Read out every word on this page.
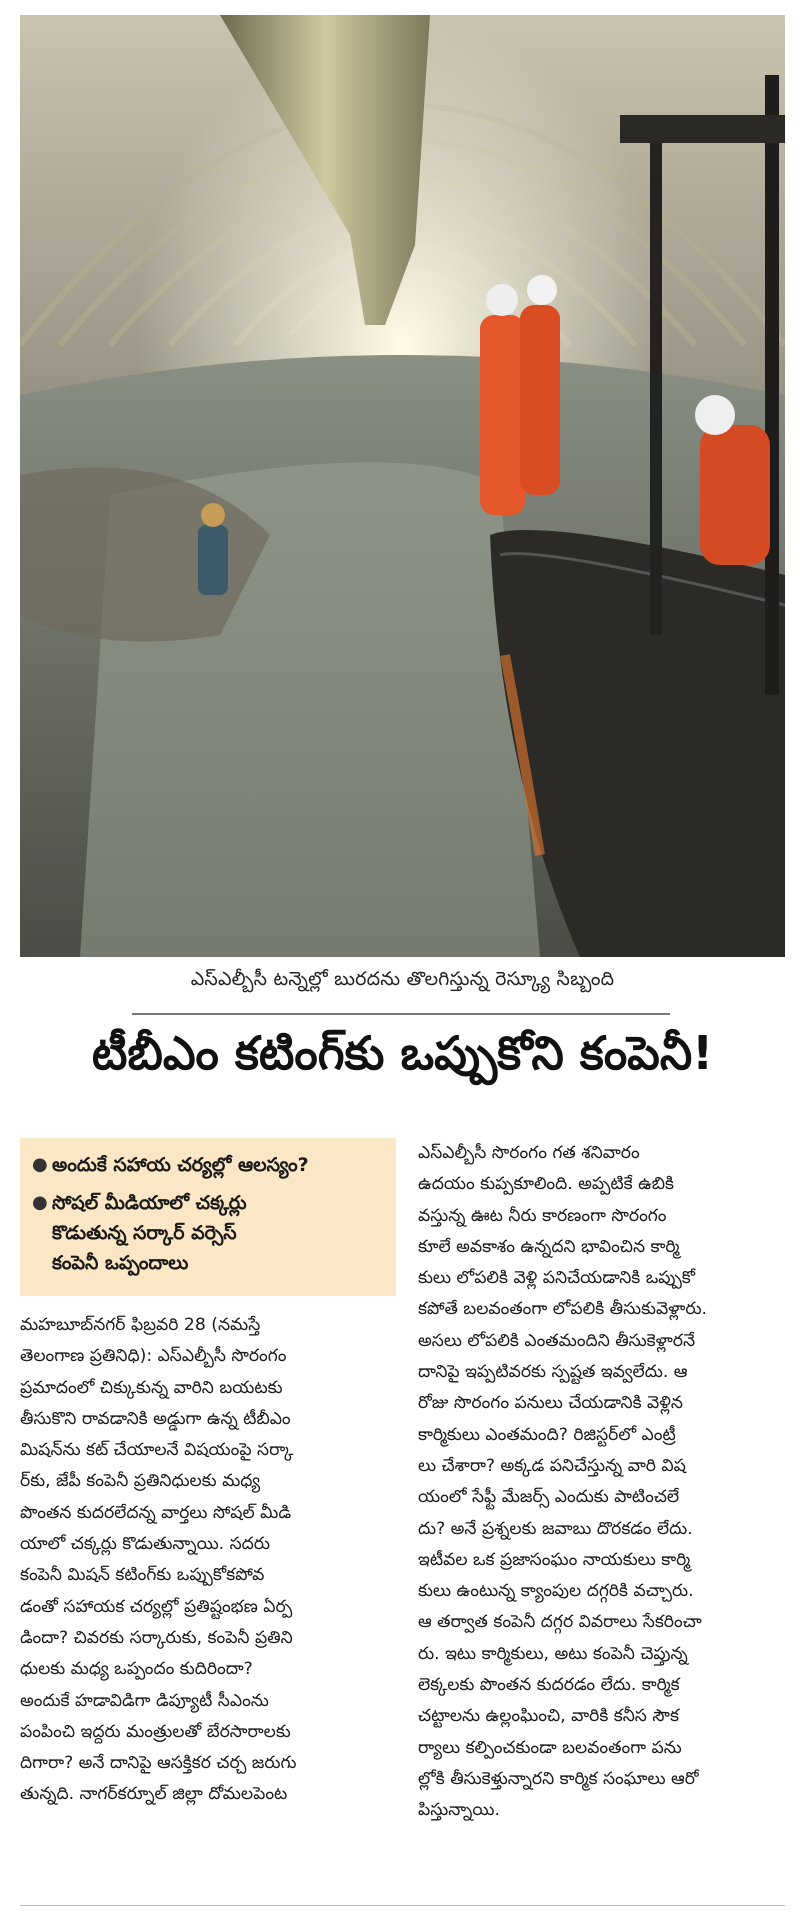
ఎస్ఎల్బీసీ టన్నెల్లో బురదను తొలగిస్తున్న రెస్క్యూ సిబ్బంది
టీబీఎం కటింగ్‌కు ఒప్పుకోని కంపెనీ!
● అందుకే సహాయ చర్యల్లో ఆలస్యం?
● సోషల్ మీడియాలో చక్కర్లు
కొడుతున్న సర్కార్ వర్సెస్
కంపెనీ ఒప్పందాలు
మహబూబ్‌నగర్ ఫిబ్రవరి 28 (నమస్తే
తెలంగాణ ప్రతినిధి): ఎస్ఎల్బీసీ సొరంగం
ప్రమాదంలో చిక్కుకున్న వారిని బయటకు
తీసుకొని రావడానికి అడ్డుగా ఉన్న టీబీఎం
మిషన్‌ను కట్ చేయాలనే విషయంపై సర్కా
ర్‌కు, జేపీ కంపెనీ ప్రతినిధులకు మధ్య
పొంతన కుదరలేదన్న వార్తలు సోషల్ మీడి
యాలో చక్కర్లు కొడుతున్నాయి. సదరు
కంపెనీ మిషన్ కటింగ్‌కు ఒప్పుకోకపోవ
డంతో సహాయక చర్యల్లో ప్రతిష్టంభణ ఏర్ప
డిందా? చివరకు సర్కారుకు, కంపెనీ ప్రతిని
ధులకు మధ్య ఒప్పందం కుదిరిందా?
అందుకే హడావిడిగా డిప్యూటీ సీఎంను
పంపించి ఇద్దరు మంత్రులతో బేరసారాలకు
దిగారా? అనే దానిపై ఆసక్తికర చర్చ జరుగు
తున్నది. నాగర్‌కర్నూల్ జిల్లా దోమలపెంట
ఎస్ఎల్బీసీ సొరంగం గత శనివారం
ఉదయం కుప్పకూలింది. అప్పటికే ఉబికి
వస్తున్న ఊట నీరు కారణంగా సొరంగం
కూలే అవకాశం ఉన్నదని భావించిన కార్మి
కులు లోపలికి వెళ్లి పనిచేయడానికి ఒప్పుకో
కపోతే బలవంతంగా లోపలికి తీసుకువెళ్లారు.
అసలు లోపలికి ఎంతమందిని తీసుకెళ్లారనే
దానిపై ఇప్పటివరకు స్పష్టత ఇవ్వలేదు. ఆ
రోజు సొరంగం పనులు చేయడానికి వెళ్లిన
కార్మికులు ఎంతమంది? రిజిస్టర్‌లో ఎంట్రీ
లు చేశారా? అక్కడ పనిచేస్తున్న వారి విష
యంలో సేఫ్టీ మేజర్స్ ఎందుకు పాటించలే
దు? అనే ప్రశ్నలకు జవాబు దొరకడం లేదు.
ఇటీవల ఒక ప్రజాసంఘం నాయకులు కార్మి
కులు ఉంటున్న క్యాంపుల దగ్గరికి వచ్చారు.
ఆ తర్వాత కంపెనీ దగ్గర వివరాలు సేకరించా
రు. ఇటు కార్మికులు, అటు కంపెనీ చెప్తున్న
లెక్కలకు పొంతన కుదరడం లేదు. కార్మిక
చట్టాలను ఉల్లంఘించి, వారికి కనీస సౌక
ర్యాలు కల్పించకుండా బలవంతంగా పను
ల్లోకి తీసుకెళ్తున్నారని కార్మిక సంఘాలు ఆరో
పిస్తున్నాయి.
